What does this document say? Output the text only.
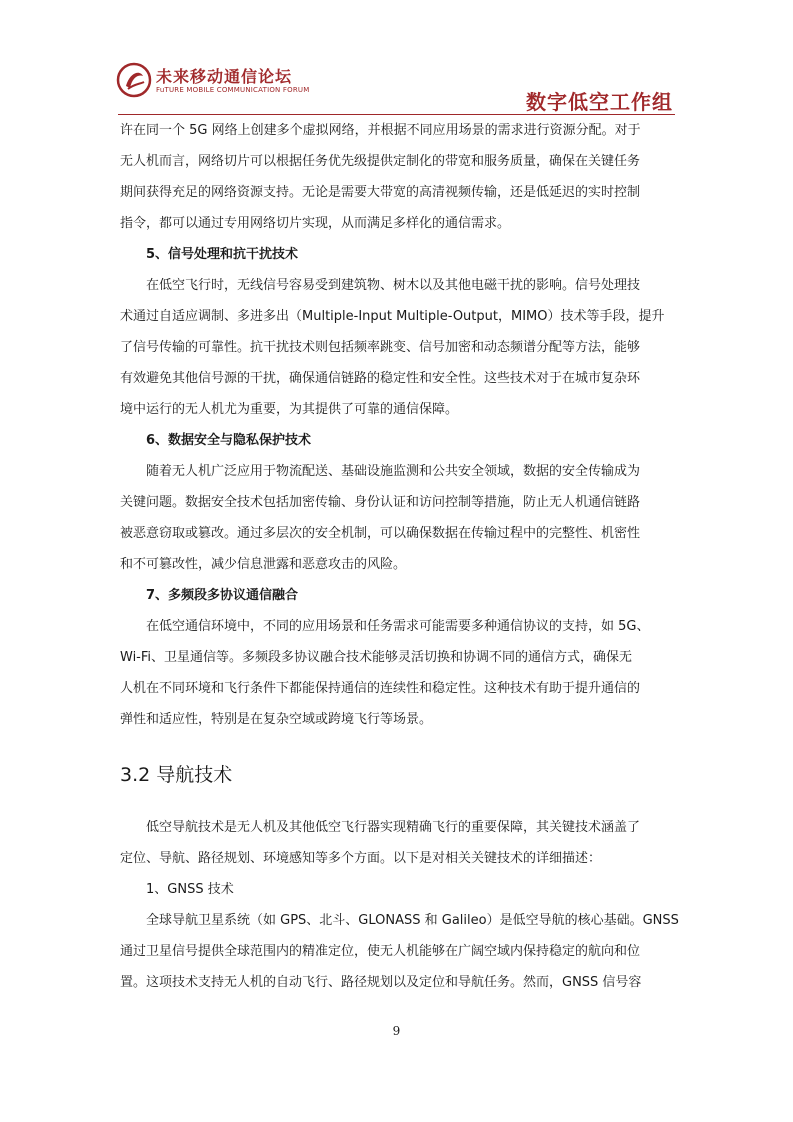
未来移动通信论坛
FuTURE MOBILE COMMUNICATION FORUM	数字低空工作组
许在同一个 5G 网络上创建多个虚拟网络，并根据不同应用场景的需求进行资源分配。对于
无人机而言，网络切片可以根据任务优先级提供定制化的带宽和服务质量，确保在关键任务
期间获得充足的网络资源支持。无论是需要大带宽的高清视频传输，还是低延迟的实时控制
指令，都可以通过专用网络切片实现，从而满足多样化的通信需求。
5、信号处理和抗干扰技术
在低空飞行时，无线信号容易受到建筑物、树木以及其他电磁干扰的影响。信号处理技
术通过自适应调制、多进多出（Multiple-Input Multiple-Output，MIMO）技术等手段，提升
了信号传输的可靠性。抗干扰技术则包括频率跳变、信号加密和动态频谱分配等方法，能够
有效避免其他信号源的干扰，确保通信链路的稳定性和安全性。这些技术对于在城市复杂环
境中运行的无人机尤为重要，为其提供了可靠的通信保障。
6、数据安全与隐私保护技术
随着无人机广泛应用于物流配送、基础设施监测和公共安全领域，数据的安全传输成为
关键问题。数据安全技术包括加密传输、身份认证和访问控制等措施，防止无人机通信链路
被恶意窃取或篡改。通过多层次的安全机制，可以确保数据在传输过程中的完整性、机密性
和不可篡改性，减少信息泄露和恶意攻击的风险。
7、多频段多协议通信融合
在低空通信环境中，不同的应用场景和任务需求可能需要多种通信协议的支持，如 5G、
Wi-Fi、卫星通信等。多频段多协议融合技术能够灵活切换和协调不同的通信方式，确保无
人机在不同环境和飞行条件下都能保持通信的连续性和稳定性。这种技术有助于提升通信的
弹性和适应性，特别是在复杂空域或跨境飞行等场景。
3.2 导航技术
低空导航技术是无人机及其他低空飞行器实现精确飞行的重要保障，其关键技术涵盖了
定位、导航、路径规划、环境感知等多个方面。以下是对相关关键技术的详细描述：
1、GNSS 技术
全球导航卫星系统（如 GPS、北斗、GLONASS 和 Galileo）是低空导航的核心基础。GNSS
通过卫星信号提供全球范围内的精准定位，使无人机能够在广阔空域内保持稳定的航向和位
置。这项技术支持无人机的自动飞行、路径规划以及定位和导航任务。然而，GNSS 信号容
9
